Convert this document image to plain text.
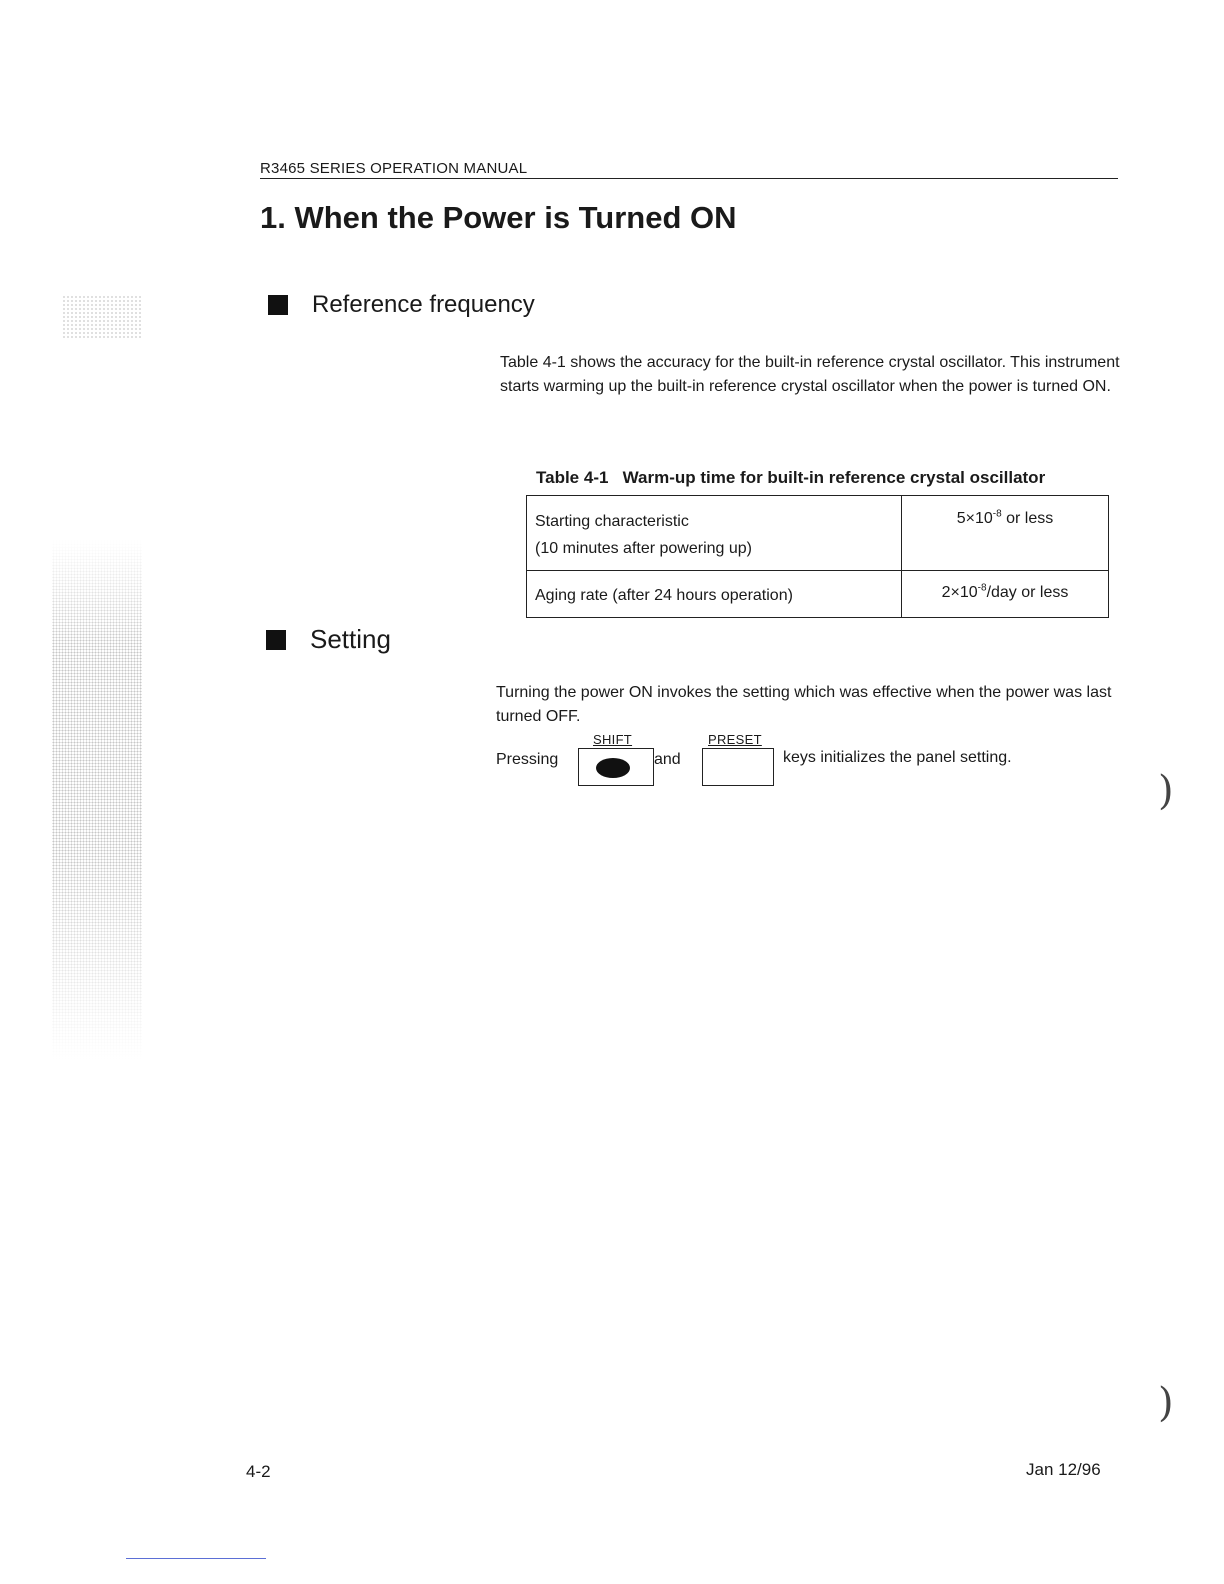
R3465 SERIES OPERATION MANUAL
1. When the Power is Turned ON
Reference frequency

Table 4-1 shows the accuracy for the built-in reference crystal oscillator. This instrument starts warming up the built-in reference crystal oscillator when the power is turned ON.

Table 4-1   Warm-up time for built-in reference crystal oscillator
Starting characteristic
(10 minutes after powering up)	$5\times 10^{-8}$ or less

Aging rate (after 24 hours operation)	$2\times 10^{-8}$/day or less
Setting

Turning the power ON invokes the setting which was effective when the power was last turned OFF.

Pressing
SHIFT
and
PRESET
keys initializes the panel setting.
)
)
4-2	Jan 12/96
